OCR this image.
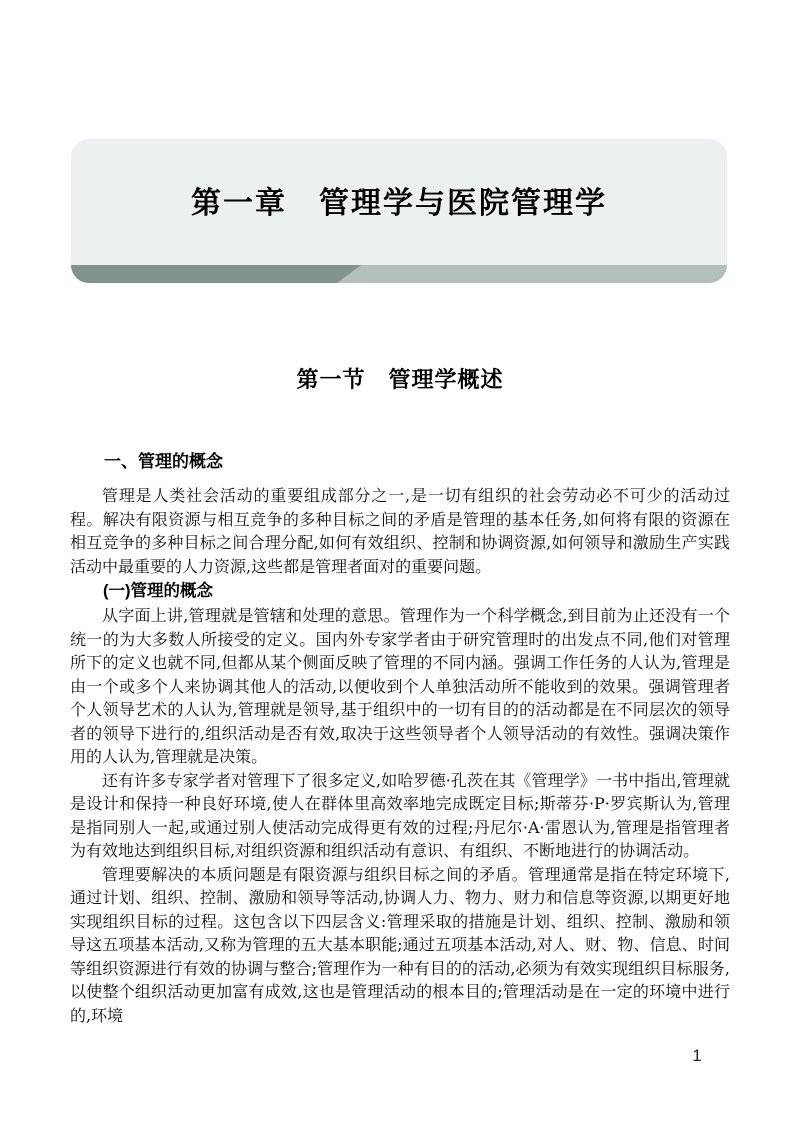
第一章　管理学与医院管理学
第一节　管理学概述
一、管理的概念

管理是人类社会活动的重要组成部分之一,是一切有组织的社会劳动必不可少的活动过程。解决有限资源与相互竞争的多种目标之间的矛盾是管理的基本任务,如何将有限的资源在相互竞争的多种目标之间合理分配,如何有效组织、控制和协调资源,如何领导和激励生产实践活动中最重要的人力资源,这些都是管理者面对的重要问题。

(一)管理的概念

从字面上讲,管理就是管辖和处理的意思。管理作为一个科学概念,到目前为止还没有一个统一的为大多数人所接受的定义。国内外专家学者由于研究管理时的出发点不同,他们对管理所下的定义也就不同,但都从某个侧面反映了管理的不同内涵。强调工作任务的人认为,管理是由一个或多个人来协调其他人的活动,以便收到个人单独活动所不能收到的效果。强调管理者个人领导艺术的人认为,管理就是领导,基于组织中的一切有目的的活动都是在不同层次的领导者的领导下进行的,组织活动是否有效,取决于这些领导者个人领导活动的有效性。强调决策作用的人认为,管理就是决策。

还有许多专家学者对管理下了很多定义,如哈罗德·孔茨在其《管理学》一书中指出,管理就是设计和保持一种良好环境,使人在群体里高效率地完成既定目标;斯蒂芬·P·罗宾斯认为,管理是指同别人一起,或通过别人使活动完成得更有效的过程;丹尼尔·A·雷恩认为,管理是指管理者为有效地达到组织目标,对组织资源和组织活动有意识、有组织、不断地进行的协调活动。

管理要解决的本质问题是有限资源与组织目标之间的矛盾。管理通常是指在特定环境下,通过计划、组织、控制、激励和领导等活动,协调人力、物力、财力和信息等资源,以期更好地实现组织目标的过程。这包含以下四层含义:管理采取的措施是计划、组织、控制、激励和领导这五项基本活动,又称为管理的五大基本职能;通过五项基本活动,对人、财、物、信息、时间等组织资源进行有效的协调与整合;管理作为一种有目的的活动,必须为有效实现组织目标服务,以使整个组织活动更加富有成效,这也是管理活动的根本目的;管理活动是在一定的环境中进行的,环境

1
